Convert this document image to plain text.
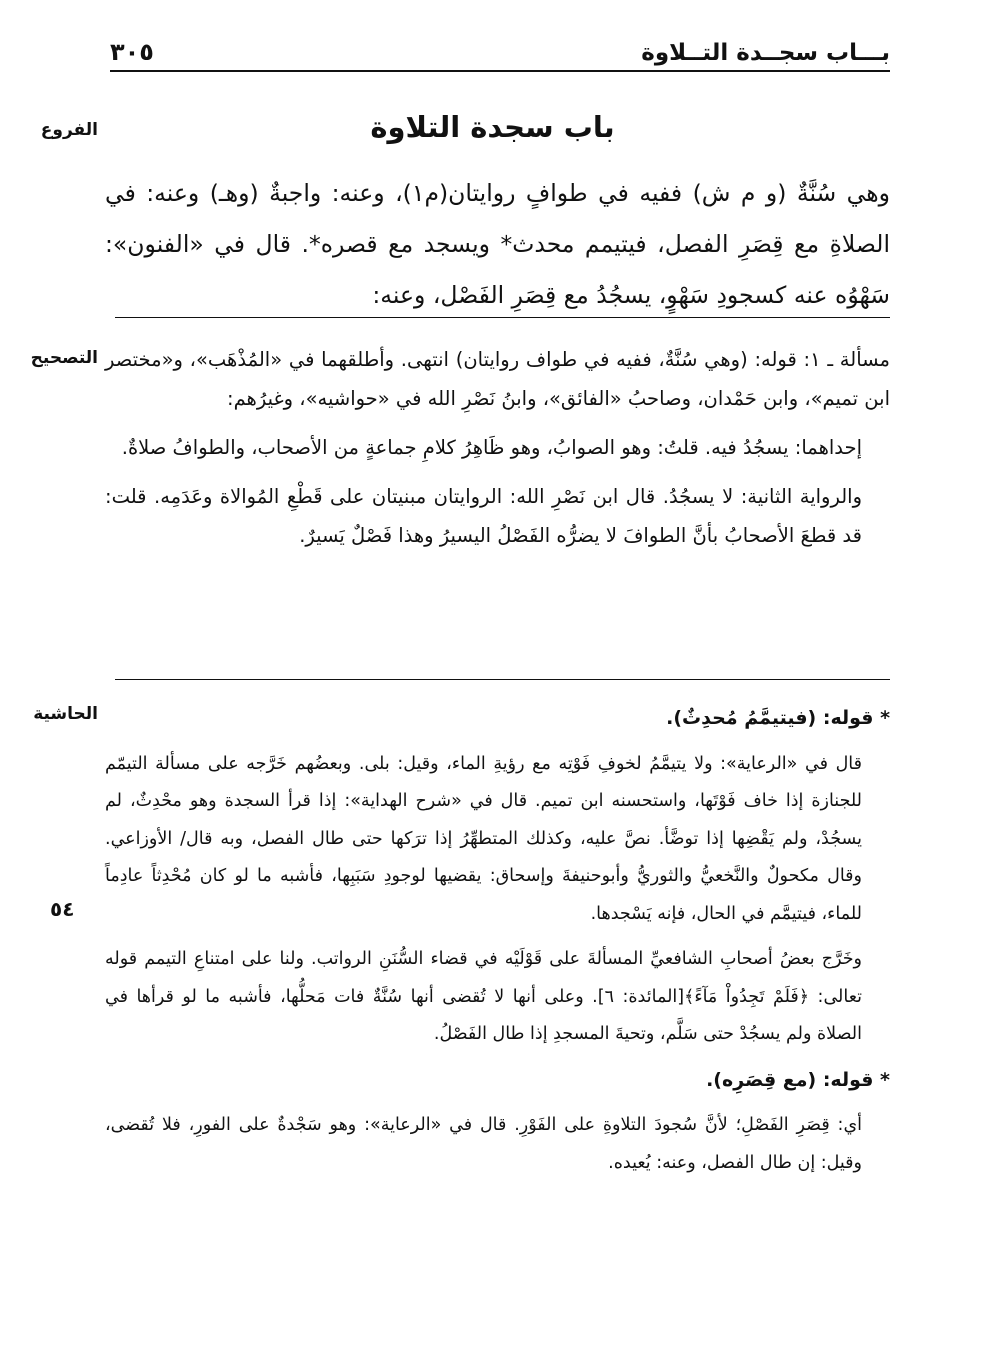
بـــاب سجــدة التــلاوة
٣٠٥
باب سجدة التلاوة
الفروع
التصحيح
الحاشية
٥٤
وهي سُنَّةٌ (و م ش) ففيه في طوافٍ روايتان(م١)، وعنه: واجبةٌ (وهـ) وعنه: في الصلاةِ مع قِصَرِ الفصل، فيتيمم محدث* ويسجد مع قصره*. قال في «الفنون»: سَهْوُه عنه كسجودِ سَهْوٍ، يسجُدُ مع قِصَرِ الفَصْل، وعنه:

مسألة ـ ١: قوله: (وهي سُنَّةٌ، ففيه في طواف روايتان) انتهى. وأطلقهما في «المُذْهَب»، و«مختصر ابن تميم»، وابن حَمْدان، وصاحبُ «الفائق»، وابنُ نَصْرِ الله في «حواشيه»، وغيرُهم:

إحداهما: يسجُدُ فيه. قلتُ: وهو الصوابُ، وهو ظَاهِرُ كلامِ جماعةٍ من الأصحاب، والطوافُ صلاةٌ.

والرواية الثانية: لا يسجُدُ. قال ابن نَصْرِ الله: الروايتان مبنيتان على قَطْعِ المُوالاة وعَدَمِه. قلت: قد قطعَ الأصحابُ بأنَّ الطوافَ لا يضرُّه الفَصْلُ اليسيرُ وهذا فَصْلٌ يَسيرٌ.

* قوله: (فيتيمَّمُ مُحدِثٌ).

قال في «الرعاية»: ولا يتيمَّمُ لخوفِ فَوْتِه مع رؤيةِ الماء، وقيل: بلى. وبعضُهم خَرَّجه على مسألة التيمّم للجنازة إذا خاف فَوْتَها، واستحسنه ابن تميم. قال في «شرح الهداية»: إذا قرأ السجدة وهو محْدِثٌ، لم يسجُدْ، ولم يَقْضِها إذا توضَّأ. نصَّ عليه، وكذلك المتطهِّرُ إذا ترَكها حتى طال الفصل، وبه قال/ الأوزاعي. وقال مكحولٌ والنَّخعيُّ والثوريُّ وأبوحنيفةَ وإسحاق: يقضيها لوجودِ سَبَبِها، فأشبه ما لو كان مُحْدِثاً عادِماً للماء، فيتيمَّم في الحال، فإنه يَسْجدها.

وخَرَّج بعضُ أصحابِ الشافعيِّ المسألةَ على قَوْلَيْه في قضاء السُّنَنِ الرواتب. ولنا على امتناعِ التيمم قوله تعالى: ﴿فَلَمْ تَجِدُواْ مَآءً﴾[المائدة: ٦]. وعلى أنها لا تُقضى أنها سُنَّةٌ فات مَحلُّها، فأشبه ما لو قرأها في الصلاة ولم يسجُدْ حتى سَلَّم، وتحيةَ المسجدِ إذا طال الفَصْلُ.

* قوله: (مع قِصَرِه).

أي: قِصَرِ الفَصْلِ؛ لأنَّ سُجودَ التلاوةِ على الفَوْرِ. قال في «الرعاية»: وهو سَجْدةٌ على الفورِ، فلا تُقضى، وقيل: إن طال الفصل، وعنه: يُعيده.
